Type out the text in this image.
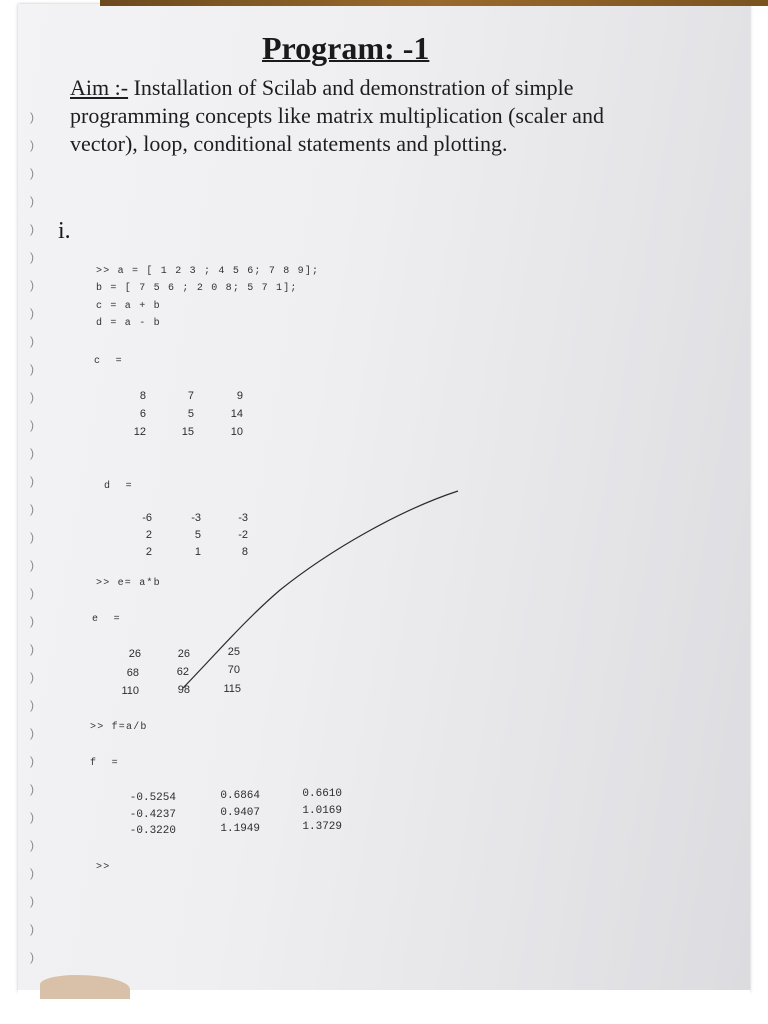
)
)
)
)
)
)
)
)
)
)
)
)
)
)
)
)
)
)
)
)
)
)
)
)
)
)
)
)
)
)
)
Program: -1
Aim :- Installation of Scilab and demonstration of simple
programming concepts like matrix multiplication (scaler and
vector), loop, conditional statements and plotting.
i.
>> a = [ 1 2 3 ; 4 5 6; 7 8 9];
b = [ 7 5 6 ; 2 0 8; 5 7 1];
c = a + b
d = a - b
c  =
8	7	9
6	5	14
12	15	10
d  =
-6	-3	-3
2	5	-2
2	1	8
>> e= a*b
e  =
26	26	25
68	62	70
110	98	115
>> f=a/b
f  =
-0.5254	0.6864	0.6610
-0.4237	0.9407	1.0169
-0.3220	1.1949	1.3729
>>
